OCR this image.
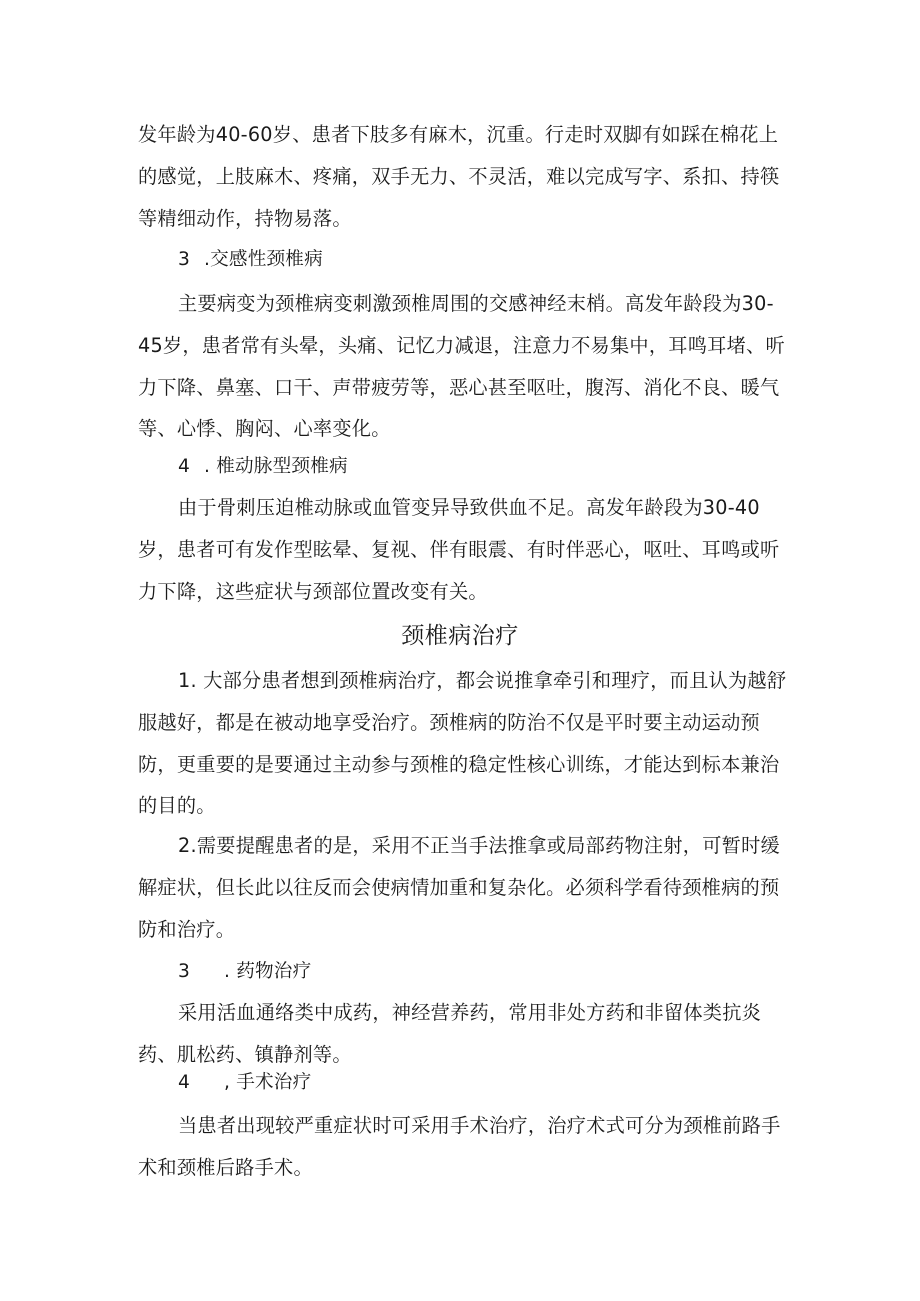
发年龄为40-60岁、患者下肢多有麻木，沉重。行走时双脚有如踩在棉花上的感觉，上肢麻木、疼痛，双手无力、不灵活，难以完成写字、系扣、持筷等精细动作，持物易落。

3 .交感性颈椎病

主要病变为颈椎病变刺激颈椎周围的交感神经末梢。高发年龄段为30-45岁，患者常有头晕，头痛、记忆力减退，注意力不易集中，耳鸣耳堵、听力下降、鼻塞、口干、声带疲劳等，恶心甚至呕吐，腹泻、消化不良、暖气等、心悸、胸闷、心率变化。

4 . 椎动脉型颈椎病

由于骨刺压迫椎动脉或血管变异导致供血不足。高发年龄段为30-40岁，患者可有发作型眩晕、复视、伴有眼震、有时伴恶心，呕吐、耳鸣或听力下降，这些症状与颈部位置改变有关。

颈椎病治疗

1. 大部分患者想到颈椎病治疗，都会说推拿牵引和理疗，而且认为越舒服越好，都是在被动地享受治疗。颈椎病的防治不仅是平时要主动运动预防，更重要的是要通过主动参与颈椎的稳定性核心训练，才能达到标本兼治的目的。

2.需要提醒患者的是，采用不正当手法推拿或局部药物注射，可暂时缓解症状，但长此以往反而会使病情加重和复杂化。必须科学看待颈椎病的预防和治疗。

3 . 药物治疗

采用活血通络类中成药，神经营养药，常用非处方药和非留体类抗炎药、肌松药、镇静剂等。

4 , 手术治疗

当患者出现较严重症状时可采用手术治疗，治疗术式可分为颈椎前路手术和颈椎后路手术。
